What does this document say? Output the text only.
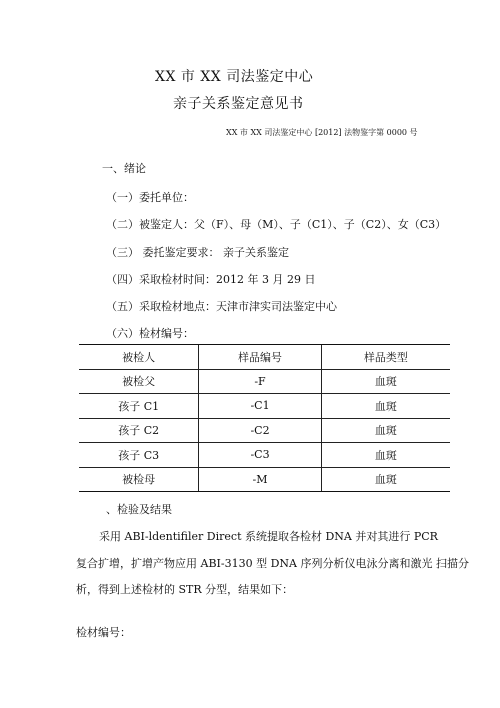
XX 市 XX 司法鉴定中心
亲子关系鉴定意见书
XX 市 XX 司法鉴定中心 [2012] 法物鉴字第 0000 号
一、绪论
（一）委托单位：
（二）被鉴定人：父（F）、母（M）、子（C1）、子（C2）、女（C3）
（三） 委托鉴定要求： 亲子关系鉴定
（四）采取检材时间：2012 年 3 月 29 日
（五）采取检材地点：天津市津实司法鉴定中心
（六）检材编号：
被检人	样品编号	样品类型
被检父	-F	血斑
孩子 C1	-C1	血斑
孩子 C2	-C2	血斑
孩子 C3	-C3	血斑
被检母	-M	血斑
、检验及结果
采用 ABI-ldentifiler Direct 系统提取各检材 DNA 并对其进行 PCR
复合扩增，扩增产物应用 ABI-3130 型 DNA 序列分析仪电泳分离和激光 扫描分
析，得到上述检材的 STR 分型，结果如下：
检材编号：
